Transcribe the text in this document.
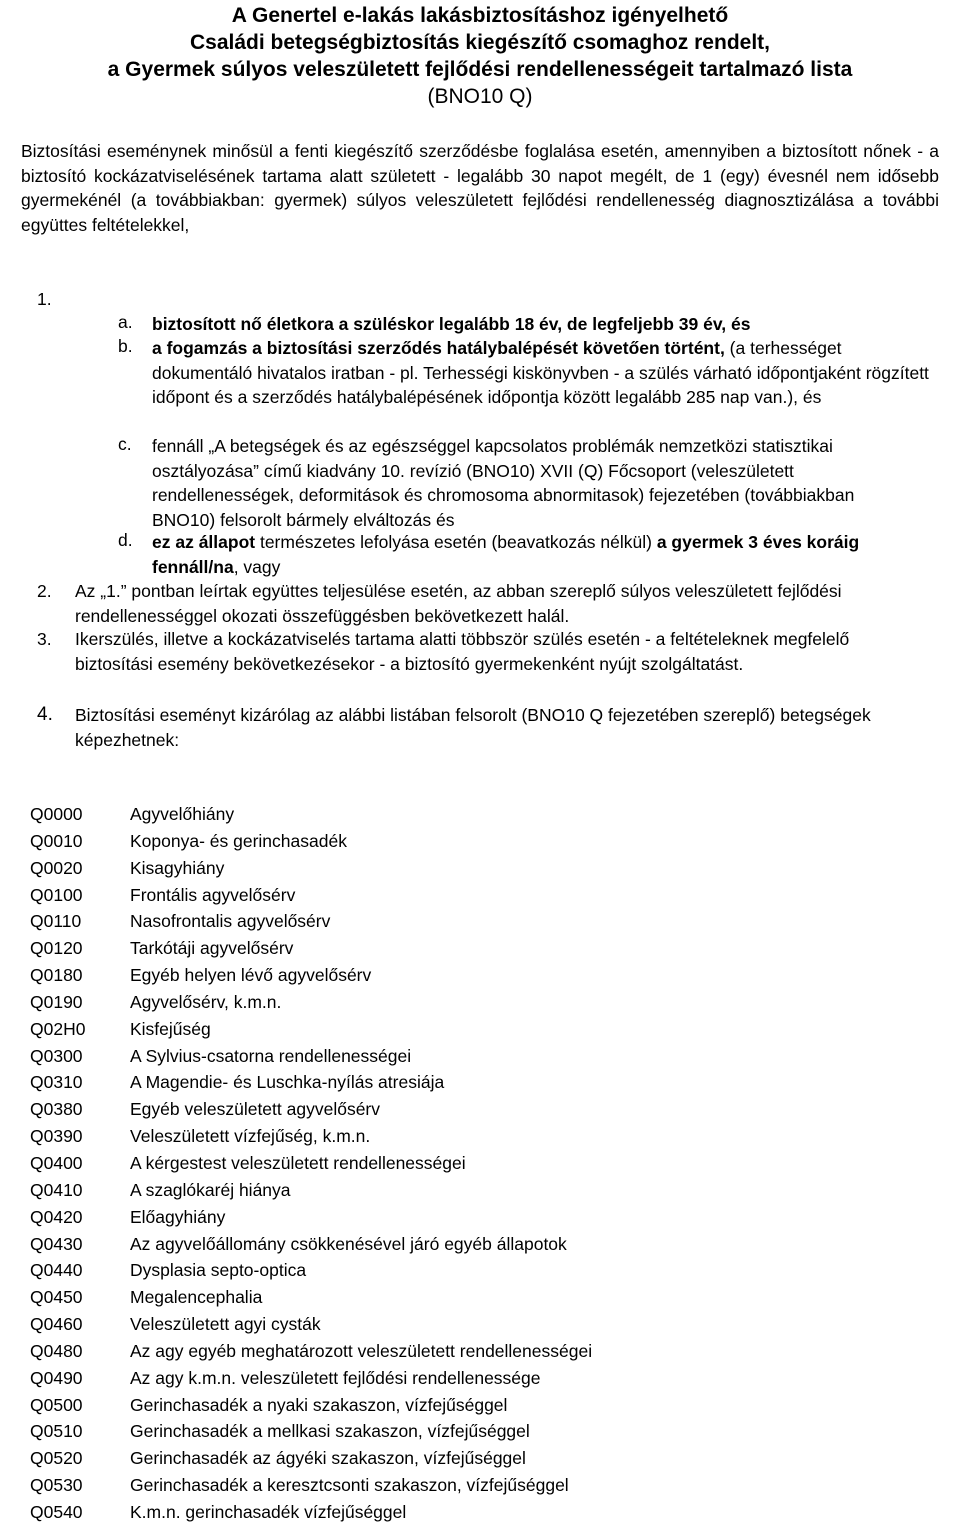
A Genertel e-lakás lakásbiztosításhoz igényelhető
Családi betegségbiztosítás kiegészítő csomaghoz rendelt,
a Gyermek súlyos veleszületett fejlődési rendellenességeit tartalmazó lista
(BNO10 Q)
Biztosítási eseménynek minősül a fenti kiegészítő szerződésbe foglalása esetén, amennyiben a biztosított nőnek - a biztosító kockázatviselésének tartama alatt született - legalább 30 napot megélt, de 1 (egy) évesnél nem idősebb gyermekénél (a továbbiakban: gyermek) súlyos veleszületett fejlődési rendellenesség diagnosztizálása a további együttes feltételekkel,
1.
a. biztosított nő életkora a szüléskor legalább 18 év, de legfeljebb 39 év, és
b. a fogamzás a biztosítási szerződés hatálybalépését követően történt, (a terhességet dokumentáló hivatalos iratban - pl. Terhességi kiskönyvben - a szülés várható időpontjaként rögzített időpont és a szerződés hatálybalépésének időpontja között legalább 285 nap van.), és
c. fennáll „A betegségek és az egészséggel kapcsolatos problémák nemzetközi statisztikai osztályozása” című kiadvány 10. revízió (BNO10) XVII (Q) Főcsoport (veleszületett rendellenességek, deformitások és chromosoma abnormitasok) fejezetében (továbbiakban BNO10) felsorolt bármely elváltozás és
d. ez az állapot természetes lefolyása esetén (beavatkozás nélkül) a gyermek 3 éves koráig fennáll/na, vagy
2. Az „1.” pontban leírtak együttes teljesülése esetén, az abban szereplő súlyos veleszületett fejlődési rendellenességgel okozati összefüggésben bekövetkezett halál.
3. Ikerszülés, illetve a kockázatviselés tartama alatti többször szülés esetén - a feltételeknek megfelelő biztosítási esemény bekövetkezésekor - a biztosító gyermekenként nyújt szolgáltatást.
4. Biztosítási eseményt kizárólag az alábbi listában felsorolt (BNO10 Q fejezetében szereplő) betegségek képezhetnek:
Q0000	Agyvelőhiány
Q0010	Koponya- és gerinchasadék
Q0020	Kisagyhiány
Q0100	Frontális agyvelősérv
Q0110	Nasofrontalis agyvelősérv
Q0120	Tarkótáji agyvelősérv
Q0180	Egyéb helyen lévő agyvelősérv
Q0190	Agyvelősérv, k.m.n.
Q02H0	Kisfejűség
Q0300	A Sylvius-csatorna rendellenességei
Q0310	A Magendie- és Luschka-nyílás atresiája
Q0380	Egyéb veleszületett agyvelősérv
Q0390	Veleszületett vízfejűség, k.m.n.
Q0400	A kérgestest veleszületett rendellenességei
Q0410	A szaglókaréj hiánya
Q0420	Előagyhiány
Q0430	Az agyvelőállomány csökkenésével járó egyéb állapotok
Q0440	Dysplasia septo-optica
Q0450	Megalencephalia
Q0460	Veleszületett agyi cysták
Q0480	Az agy egyéb meghatározott veleszületett rendellenességei
Q0490	Az agy k.m.n. veleszületett fejlődési rendellenessége
Q0500	Gerinchasadék a nyaki szakaszon, vízfejűséggel
Q0510	Gerinchasadék a mellkasi szakaszon, vízfejűséggel
Q0520	Gerinchasadék az ágyéki szakaszon, vízfejűséggel
Q0530	Gerinchasadék a keresztcsonti szakaszon, vízfejűséggel
Q0540	K.m.n. gerinchasadék vízfejűséggel
